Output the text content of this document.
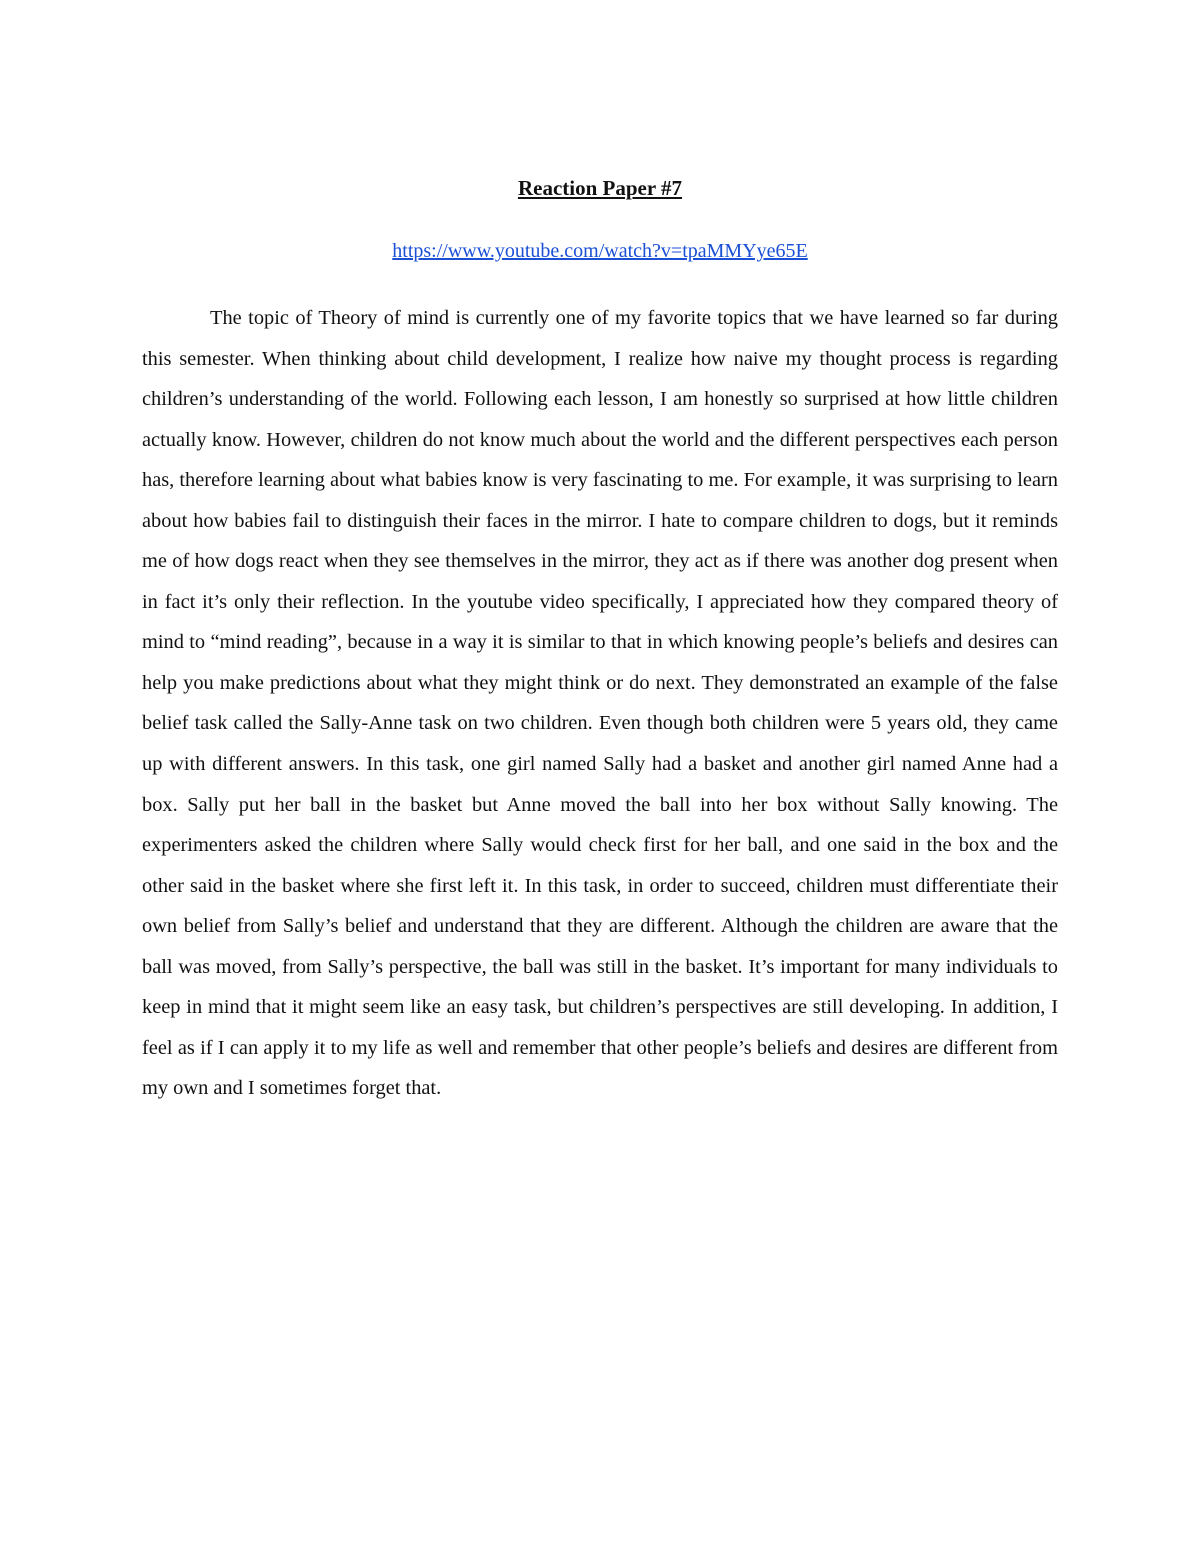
Reaction Paper #7
https://www.youtube.com/watch?v=tpaMMYye65E

The topic of Theory of mind is currently one of my favorite topics that we have learned so far during this semester. When thinking about child development, I realize how naive my thought process is regarding children’s understanding of the world. Following each lesson, I am honestly so surprised at how little children actually know. However, children do not know much about the world and the different perspectives each person has, therefore learning about what babies know is very fascinating to me. For example, it was surprising to learn about how babies fail to distinguish their faces in the mirror. I hate to compare children to dogs, but it reminds me of how dogs react when they see themselves in the mirror, they act as if there was another dog present when in fact it’s only their reflection. In the youtube video specifically, I appreciated how they compared theory of mind to “mind reading”, because in a way it is similar to that in which knowing people’s beliefs and desires can help you make predictions about what they might think or do next. They demonstrated an example of the false belief task called the Sally-Anne task on two children. Even though both children were 5 years old, they came up with different answers. In this task, one girl named Sally had a basket and another girl named Anne had a box. Sally put her ball in the basket but Anne moved the ball into her box without Sally knowing. The experimenters asked the children where Sally would check first for her ball, and one said in the box and the other said in the basket where she first left it. In this task, in order to succeed, children must differentiate their own belief from Sally’s belief and understand that they are different. Although the children are aware that the ball was moved, from Sally’s perspective, the ball was still in the basket. It’s important for many individuals to keep in mind that it might seem like an easy task, but children’s perspectives are still developing. In addition, I feel as if I can apply it to my life as well and remember that other people’s beliefs and desires are different from my own and I sometimes forget that.
